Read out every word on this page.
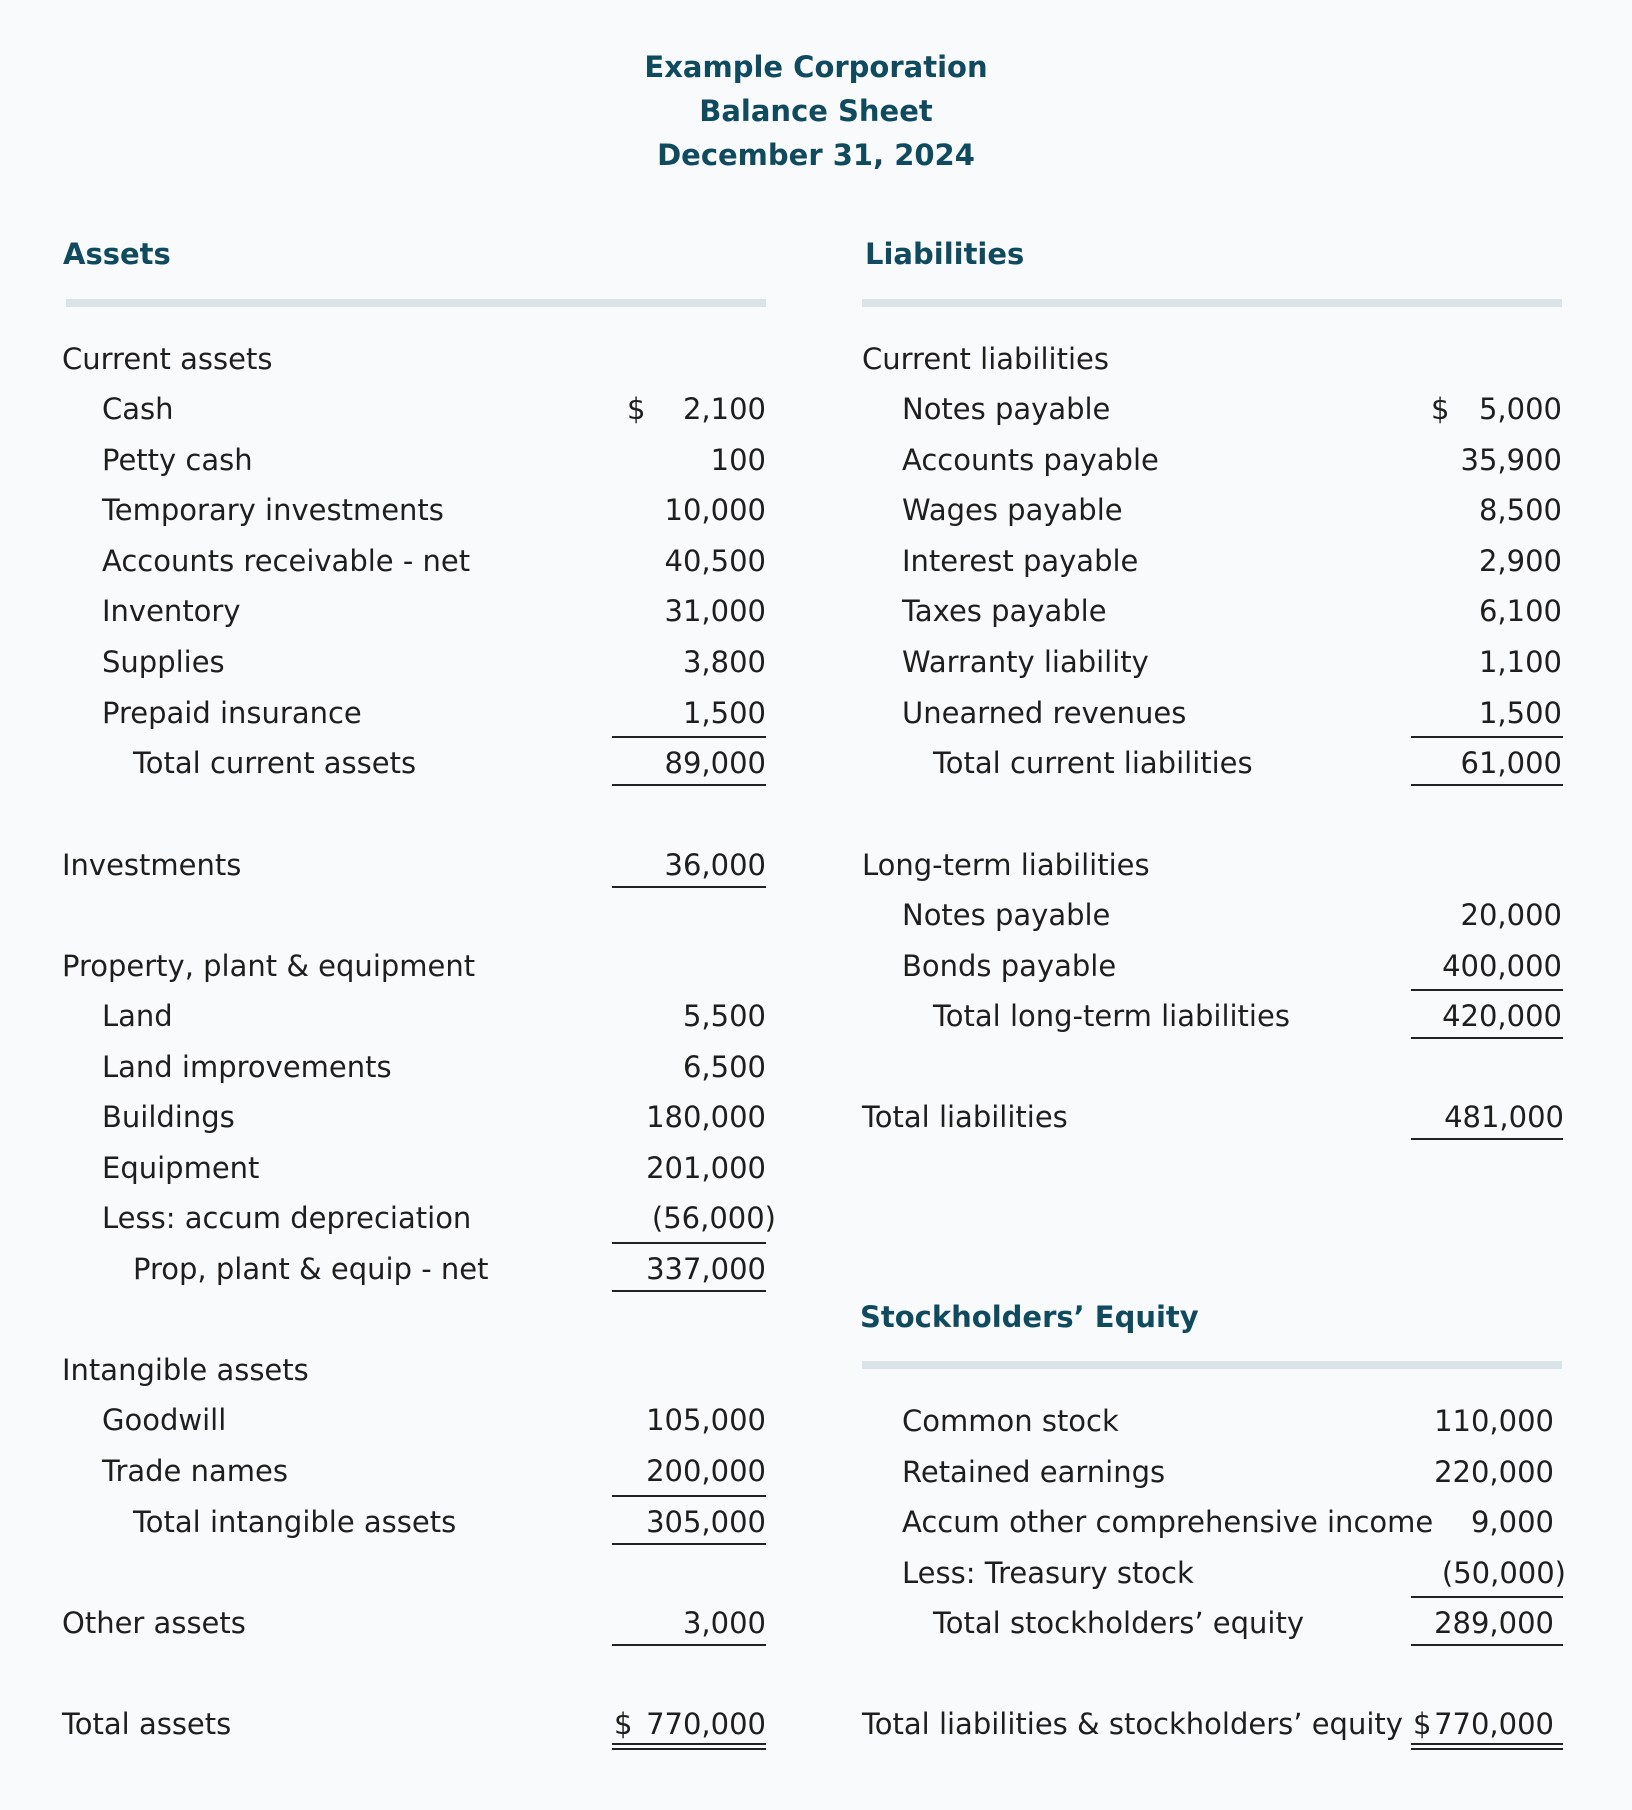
Example Corporation
Balance Sheet
December 31, 2024
Assets	Liabilities
Stockholders’ Equity
Current assets
Cash	2,100
$
Petty cash	100
Temporary investments	10,000
Accounts receivable - net	40,500
Inventory	31,000
Supplies	3,800
Prepaid insurance	1,500
Total current assets	89,000
Investments	36,000
Property, plant & equipment
Land	5,500
Land improvements	6,500
Buildings	180,000
Equipment	201,000
Less: accum depreciation	(56,000)
Prop, plant & equip - net	337,000
Intangible assets
Goodwill	105,000
Trade names	200,000
Total intangible assets	305,000
Other assets	3,000
Total assets	770,000
$
Current liabilities
Notes payable	5,000
$
Accounts payable	35,900
Wages payable	8,500
Interest payable	2,900
Taxes payable	6,100
Warranty liability	1,100
Unearned revenues	1,500
Total current liabilities	61,000
Long-term liabilities
Notes payable	20,000
Bonds payable	400,000
Total long-term liabilities	420,000
Total liabilities	481,000
Common stock	110,000
Retained earnings	220,000
Accum other comprehensive income 9,000
Less: Treasury stock	(50,000)
Total stockholders’ equity	289,000
Total liabilities & stockholders’ equity 770,000
$
